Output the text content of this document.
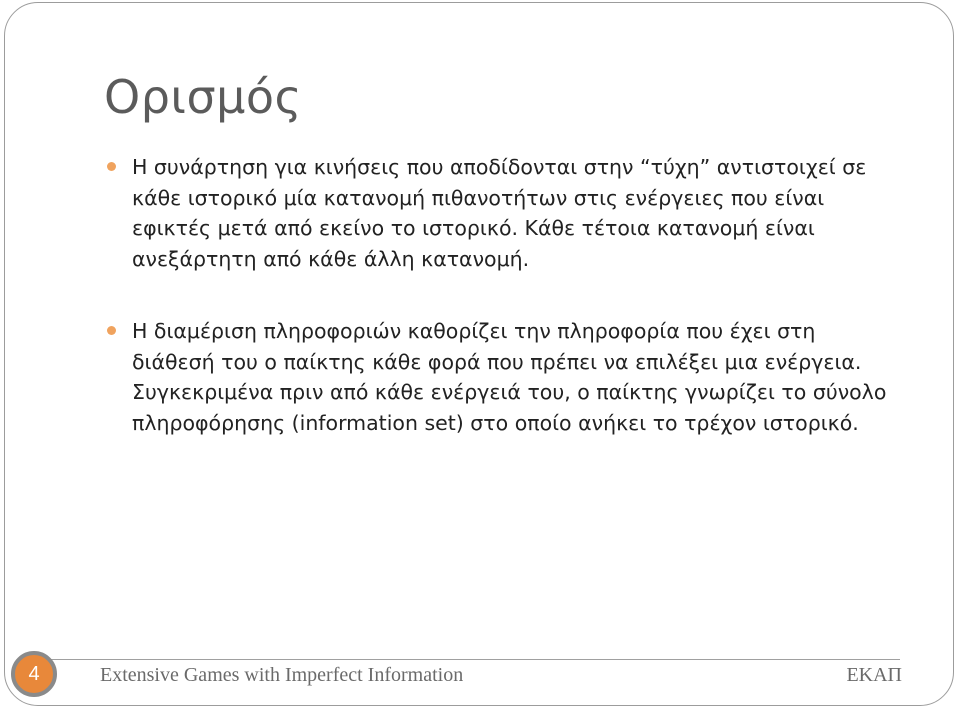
Ορισμός
Η συνάρτηση για κινήσεις που αποδίδονται στην “τύχη” αντιστοιχεί σε κάθε ιστορικό μία κατανομή πιθανοτήτων στις ενέργειες που είναι εφικτές μετά από εκείνο το ιστορικό. Κάθε τέτοια κατανομή είναι ανεξάρτητη από κάθε άλλη κατανομή.
Η διαμέριση πληροφοριών καθορίζει την πληροφορία που έχει στη διάθεσή του ο παίκτης κάθε φορά που πρέπει να επιλέξει μια ενέργεια. Συγκεκριμένα πριν από κάθε ενέργειά του, ο παίκτης γνωρίζει το σύνολο πληροφόρησης (information set) στο οποίο ανήκει το τρέχον ιστορικό.
4	Extensive Games with Imperfect Information	ΕΚΑΠ
